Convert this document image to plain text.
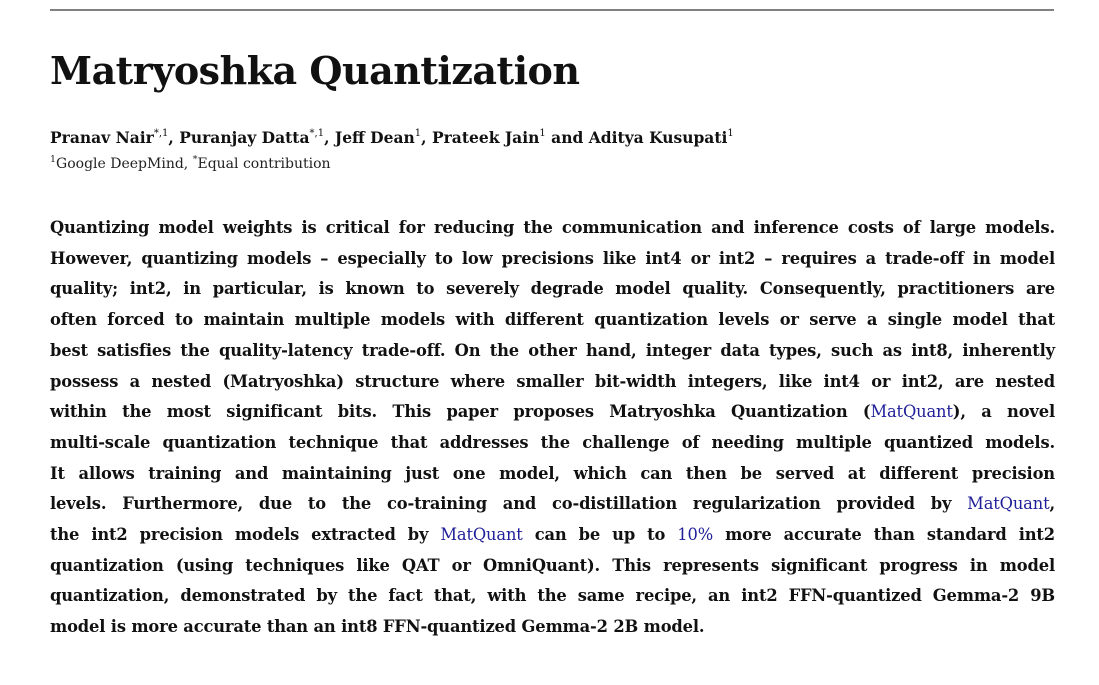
Matryoshka Quantization

Pranav Nair$^{*,1}$, Puranjay Datta$^{*,1}$, Jeff Dean$^1$, Prateek Jain$^1$ and Aditya Kusupati$^1$

$^1$Google DeepMind, *Equal contribution

Quantizing model weights is critical for reducing the communication and inference costs of large models.
However, quantizing models – especially to low precisions like int4 or int2 – requires a trade-off in model
quality; int2, in particular, is known to severely degrade model quality. Consequently, practitioners are
often forced to maintain multiple models with different quantization levels or serve a single model that
best satisfies the quality-latency trade-off. On the other hand, integer data types, such as int8, inherently
possess a nested (Matryoshka) structure where smaller bit-width integers, like int4 or int2, are nested
within the most significant bits. This paper proposes Matryoshka Quantization (MatQuant), a novel
multi-scale quantization technique that addresses the challenge of needing multiple quantized models.
It allows training and maintaining just one model, which can then be served at different precision
levels. Furthermore, due to the co-training and co-distillation regularization provided by MatQuant,
the int2 precision models extracted by MatQuant can be up to 10% more accurate than standard int2
quantization (using techniques like QAT or OmniQuant). This represents significant progress in model
quantization, demonstrated by the fact that, with the same recipe, an int2 FFN-quantized Gemma-2 9B
model is more accurate than an int8 FFN-quantized Gemma-2 2B model.
